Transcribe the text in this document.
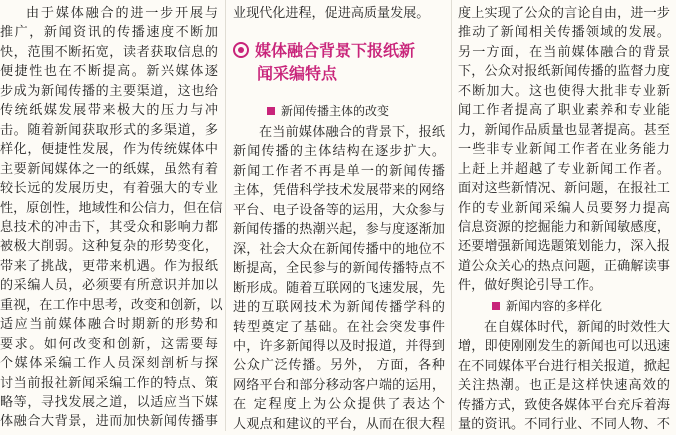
由于媒体融合的进一步开展与
推广，新闻资讯的传播速度不断加
快，范围不断拓宽，读者获取信息的
便捷性也在不断提高。新兴媒体逐
步成为新闻传播的主要渠道，这也给
传统纸媒发展带来极大的压力与冲
击。随着新闻获取形式的多渠道，多
样化，便捷性发展，作为传统媒体中
主要新闻媒体之一的纸媒，虽然有着
较长远的发展历史，有着强大的专业
性，原创性，地域性和公信力，但在信
息技术的冲击下，其受众和影响力都
被极大削弱。这种复杂的形势变化，
带来了挑战，更带来机遇。作为报纸
的采编人员，必须要有所意识并加以
重视，在工作中思考，改变和创新，以
适应当前媒体融合时期新的形势和
要求。如何改变和创新，这需要每
个媒体采编工作人员深刻剖析与探
讨当前报社新闻采编工作的特点、策
略等，寻找发展之道，以适应当下媒
体融合大背景，进而加快新闻传播事
业现代化进程，促进高质量发展。
媒体融合背景下报纸新
闻采编特点
新闻传播主体的改变
在当前媒体融合的背景下，报纸
新闻传播的主体结构在逐步扩大。
新闻工作者不再是单一的新闻传播
主体，凭借科学技术发展带来的网络
平台、电子设备等的运用，大众参与
新闻传播的热潮兴起，参与度逐渐加
深，社会大众在新闻传播中的地位不
断提高，全民参与的新闻传播特点不
断形成。随着互联网的飞速发展，先
进的互联网技术为新闻传播学科的
转型奠定了基础。在社会突发事件
中，许多新闻得以及时报道，并得到
公众广泛传播。另外， 方面，各种
网络平台和部分移动客户端的运用，
在 定程度上为公众提供了表达个
人观点和建议的平台，从而在很大程
度上实现了公众的言论自由，进一步
推动了新闻相关传播领域的发展。
另一方面，在当前媒体融合的背景
下，公众对报纸新闻传播的监督力度
不断加大。这也使得大批非专业新
闻工作者提高了职业素养和专业能
力，新闻作品质量也显著提高。甚至
一些非专业新闻工作者在业务能力
上赶上并超越了专业新闻工作者。
面对这些新情况、新问题，在报社工
作的专业新闻采编人员要努力提高
信息资源的挖掘能力和新闻敏感度，
还要增强新闻选题策划能力，深入报
道公众关心的热点问题，正确解读事
件，做好舆论引导工作。
新闻内容的多样化
在自媒体时代，新闻的时效性大
增，即使刚刚发生的新闻也可以迅速
在不同媒体平台进行相关报道，掀起
关注热潮。也正是这样快速高效的
传播方式，致使各媒体平台充斥着海
量的资讯。不同行业、不同人物、不
